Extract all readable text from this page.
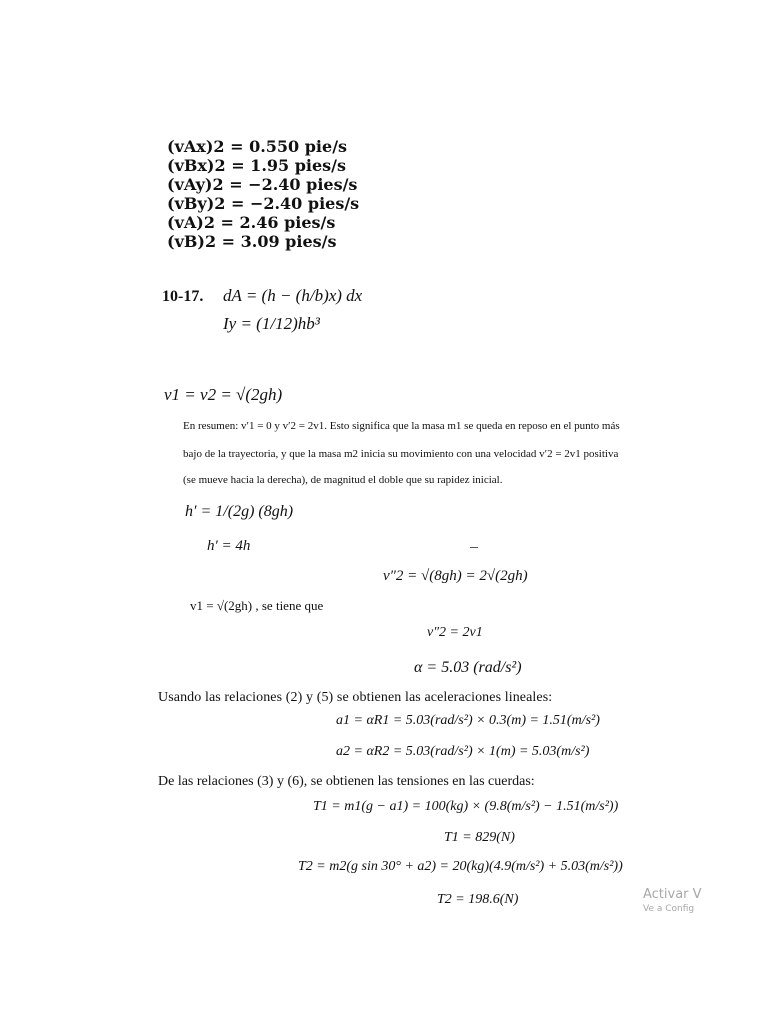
(vAx)2 = 0.550 pie/s
(vBx)2 = 1.95 pies/s
(vAy)2 = −2.40 pies/s
(vBy)2 = −2.40 pies/s
(vA)2 = 2.46 pies/s
(vB)2 = 3.09 pies/s
10-17. dA = (h − (h/b)x) dx
Iy = (1/12)hb³
v1 = v2 = √(2gh)
En resumen: v′1 = 0 y v′2 = 2v1. Esto significa que la masa m1 se queda en reposo en el punto más
bajo de la trayectoria, y que la masa m2 inicia su movimiento con una velocidad v′2 = 2v1 positiva
(se mueve hacia la derecha), de magnitud el doble que su rapidez inicial.
h′ = 1/(2g) (8gh)
h′ = 4h
v″2 = √(8gh) = 2√(2gh)
v1 = √(2gh) , se tiene que
v″2 = 2v1
α = 5.03 (rad/s²)
Usando las relaciones (2) y (5) se obtienen las aceleraciones lineales:
a1 = αR1 = 5.03(rad/s²) × 0.3(m) = 1.51(m/s²)
a2 = αR2 = 5.03(rad/s²) × 1(m) = 5.03(m/s²)
De las relaciones (3) y (6), se obtienen las tensiones en las cuerdas:
T1 = m1(g − a1) = 100(kg) × (9.8(m/s²) − 1.51(m/s²))
T1 = 829(N)
T2 = m2(g sin 30° + a2) = 20(kg)(4.9(m/s²) + 5.03(m/s²))
T2 = 198.6(N)	Activar V
Ve a Config
